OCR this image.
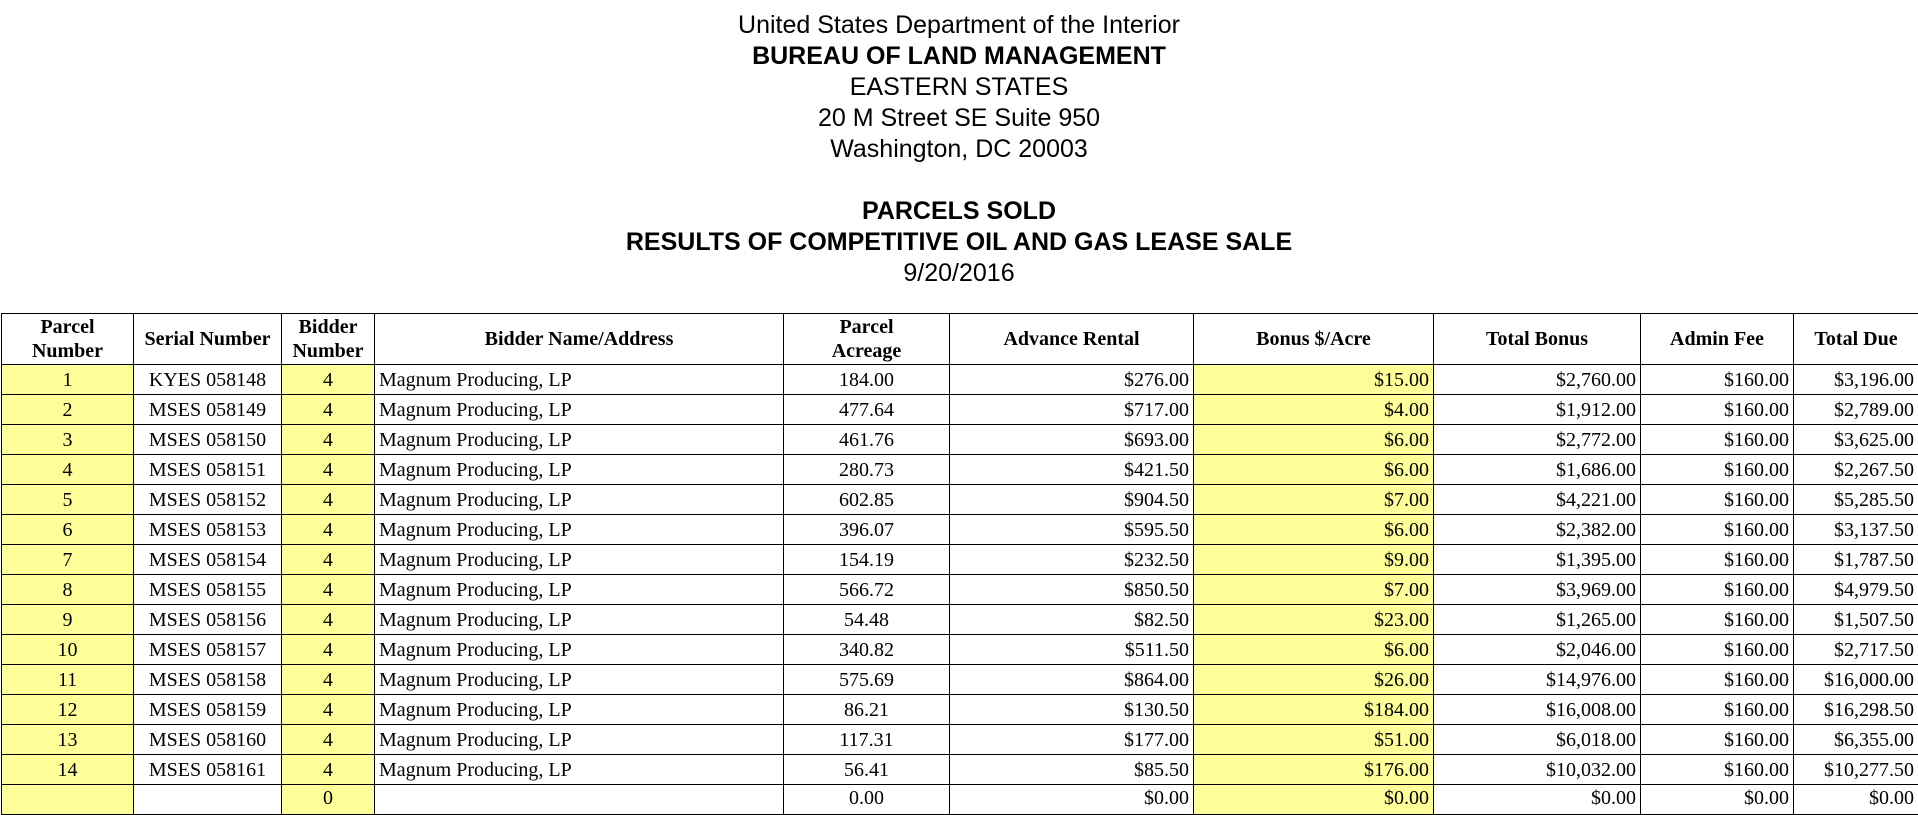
United States Department of the Interior
BUREAU OF LAND MANAGEMENT
EASTERN STATES
20 M Street SE Suite 950
Washington, DC 20003
PARCELS SOLD
RESULTS OF COMPETITIVE OIL AND GAS LEASE SALE
9/20/2016
Parcel Number	Serial Number	Bidder Number	Bidder Name/Address	Parcel Acreage	Advance Rental	Bonus $/Acre	Total Bonus	Admin Fee	Total Due
1	KYES 058148	4	Magnum Producing, LP	184.00	$276.00	$15.00	$2,760.00	$160.00	$3,196.00
2	MSES 058149	4	Magnum Producing, LP	477.64	$717.00	$4.00	$1,912.00	$160.00	$2,789.00
3	MSES 058150	4	Magnum Producing, LP	461.76	$693.00	$6.00	$2,772.00	$160.00	$3,625.00
4	MSES 058151	4	Magnum Producing, LP	280.73	$421.50	$6.00	$1,686.00	$160.00	$2,267.50
5	MSES 058152	4	Magnum Producing, LP	602.85	$904.50	$7.00	$4,221.00	$160.00	$5,285.50
6	MSES 058153	4	Magnum Producing, LP	396.07	$595.50	$6.00	$2,382.00	$160.00	$3,137.50
7	MSES 058154	4	Magnum Producing, LP	154.19	$232.50	$9.00	$1,395.00	$160.00	$1,787.50
8	MSES 058155	4	Magnum Producing, LP	566.72	$850.50	$7.00	$3,969.00	$160.00	$4,979.50
9	MSES 058156	4	Magnum Producing, LP	54.48	$82.50	$23.00	$1,265.00	$160.00	$1,507.50
10	MSES 058157	4	Magnum Producing, LP	340.82	$511.50	$6.00	$2,046.00	$160.00	$2,717.50
11	MSES 058158	4	Magnum Producing, LP	575.69	$864.00	$26.00	$14,976.00	$160.00	$16,000.00
12	MSES 058159	4	Magnum Producing, LP	86.21	$130.50	$184.00	$16,008.00	$160.00	$16,298.50
13	MSES 058160	4	Magnum Producing, LP	117.31	$177.00	$51.00	$6,018.00	$160.00	$6,355.00
14	MSES 058161	4	Magnum Producing, LP	56.41	$85.50	$176.00	$10,032.00	$160.00	$10,277.50
		0		0.00	$0.00	$0.00	$0.00	$0.00	$0.00
